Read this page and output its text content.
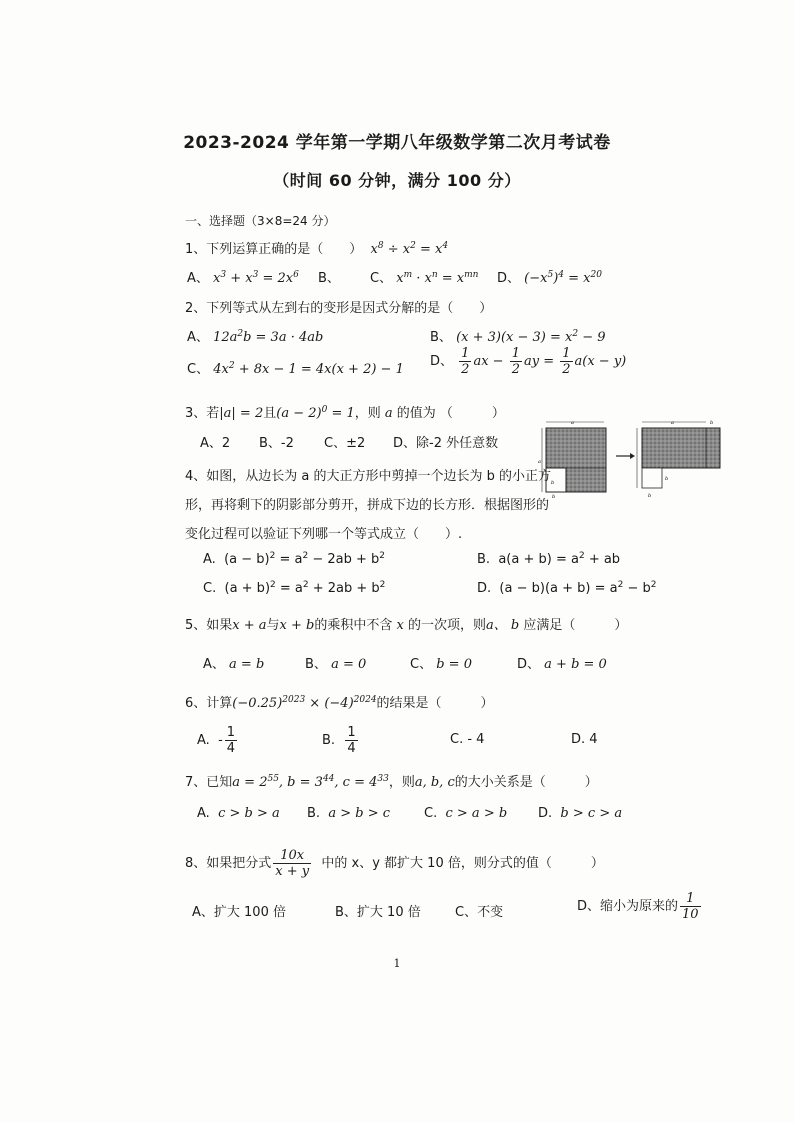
2023-2024 学年第一学期八年级数学第二次月考试卷
（时间 60 分钟，满分 100 分）
一、选择题（3×8=24 分）
1、下列运算正确的是（　　）  $x^8 \div x^2 = x^4$
A、 $x^3 + x^3 = 2x^6$ B、 C、 $x^m \cdot x^n = x^{mn}$ D、 $(-x^5)^4 = x^{20}$
2、下列等式从左到右的变形是因式分解的是（　　）
A、 $12a^2b = 3a \cdot 4ab$	B、 $(x + 3)(x - 3) = x^2 - 9$
C、 $4x^2 + 8x - 1 = 4x(x + 2) - 1$
D、 $\frac{1}{2}$ ax − $\frac{1}{2}$ ay = $\frac{1}{2} a(x - y)$
3、若|a| = 2且$(a - 2)^0 = 1$，则 a 的值为 （　　　）
A、2 B、-2 C、±2 D、除-2 外任意数
a
a
b
b
a	b
b
b
4、如图，从边长为 a 的大正方形中剪掉一个边长为 b 的小正方
形，再将剩下的阴影部分剪开，拼成下边的长方形．根据图形的
变化过程可以验证下列哪一个等式成立（　　）.
A.  $(a - b)^2 = a^2 - 2ab + b^2$	B.  $a(a + b) = a^2$ + ab
C.  $(a + b)^2 = a^2 + 2ab + b^2$	D.  $(a - b)(a + b) = a^2 - b^2$
5、如果x + a与x + b的乘积中不含 x 的一次项，则a、 b 应满足（　　　）
A、 a = b	B、 a = 0	C、 b = 0	D、 a + b = 0
6、计算$(-0.25)^{2023} \times (-4)^{2024}$的结果是（　　　）
A.  - $\frac{1}{4}$	B. $\frac{1}{4}$	C. - 4	D. 4
7、已知$a = 2^{55}$, $b = 3^{44}$, $c = 4^{33}$，则a, b, c的大小关系是（　　　）
A.  c > b > a B.  a > b > c	C.  c > a > b D.  b > c > a
8、如果把分式 $\frac{10x}{x + y}$ 中的 x、y 都扩大 10 倍，则分式的值（　　　）
A、扩大 100 倍	B、扩大 10 倍	C、不变	D、缩小为原来的 $\frac{1}{10}$
1
